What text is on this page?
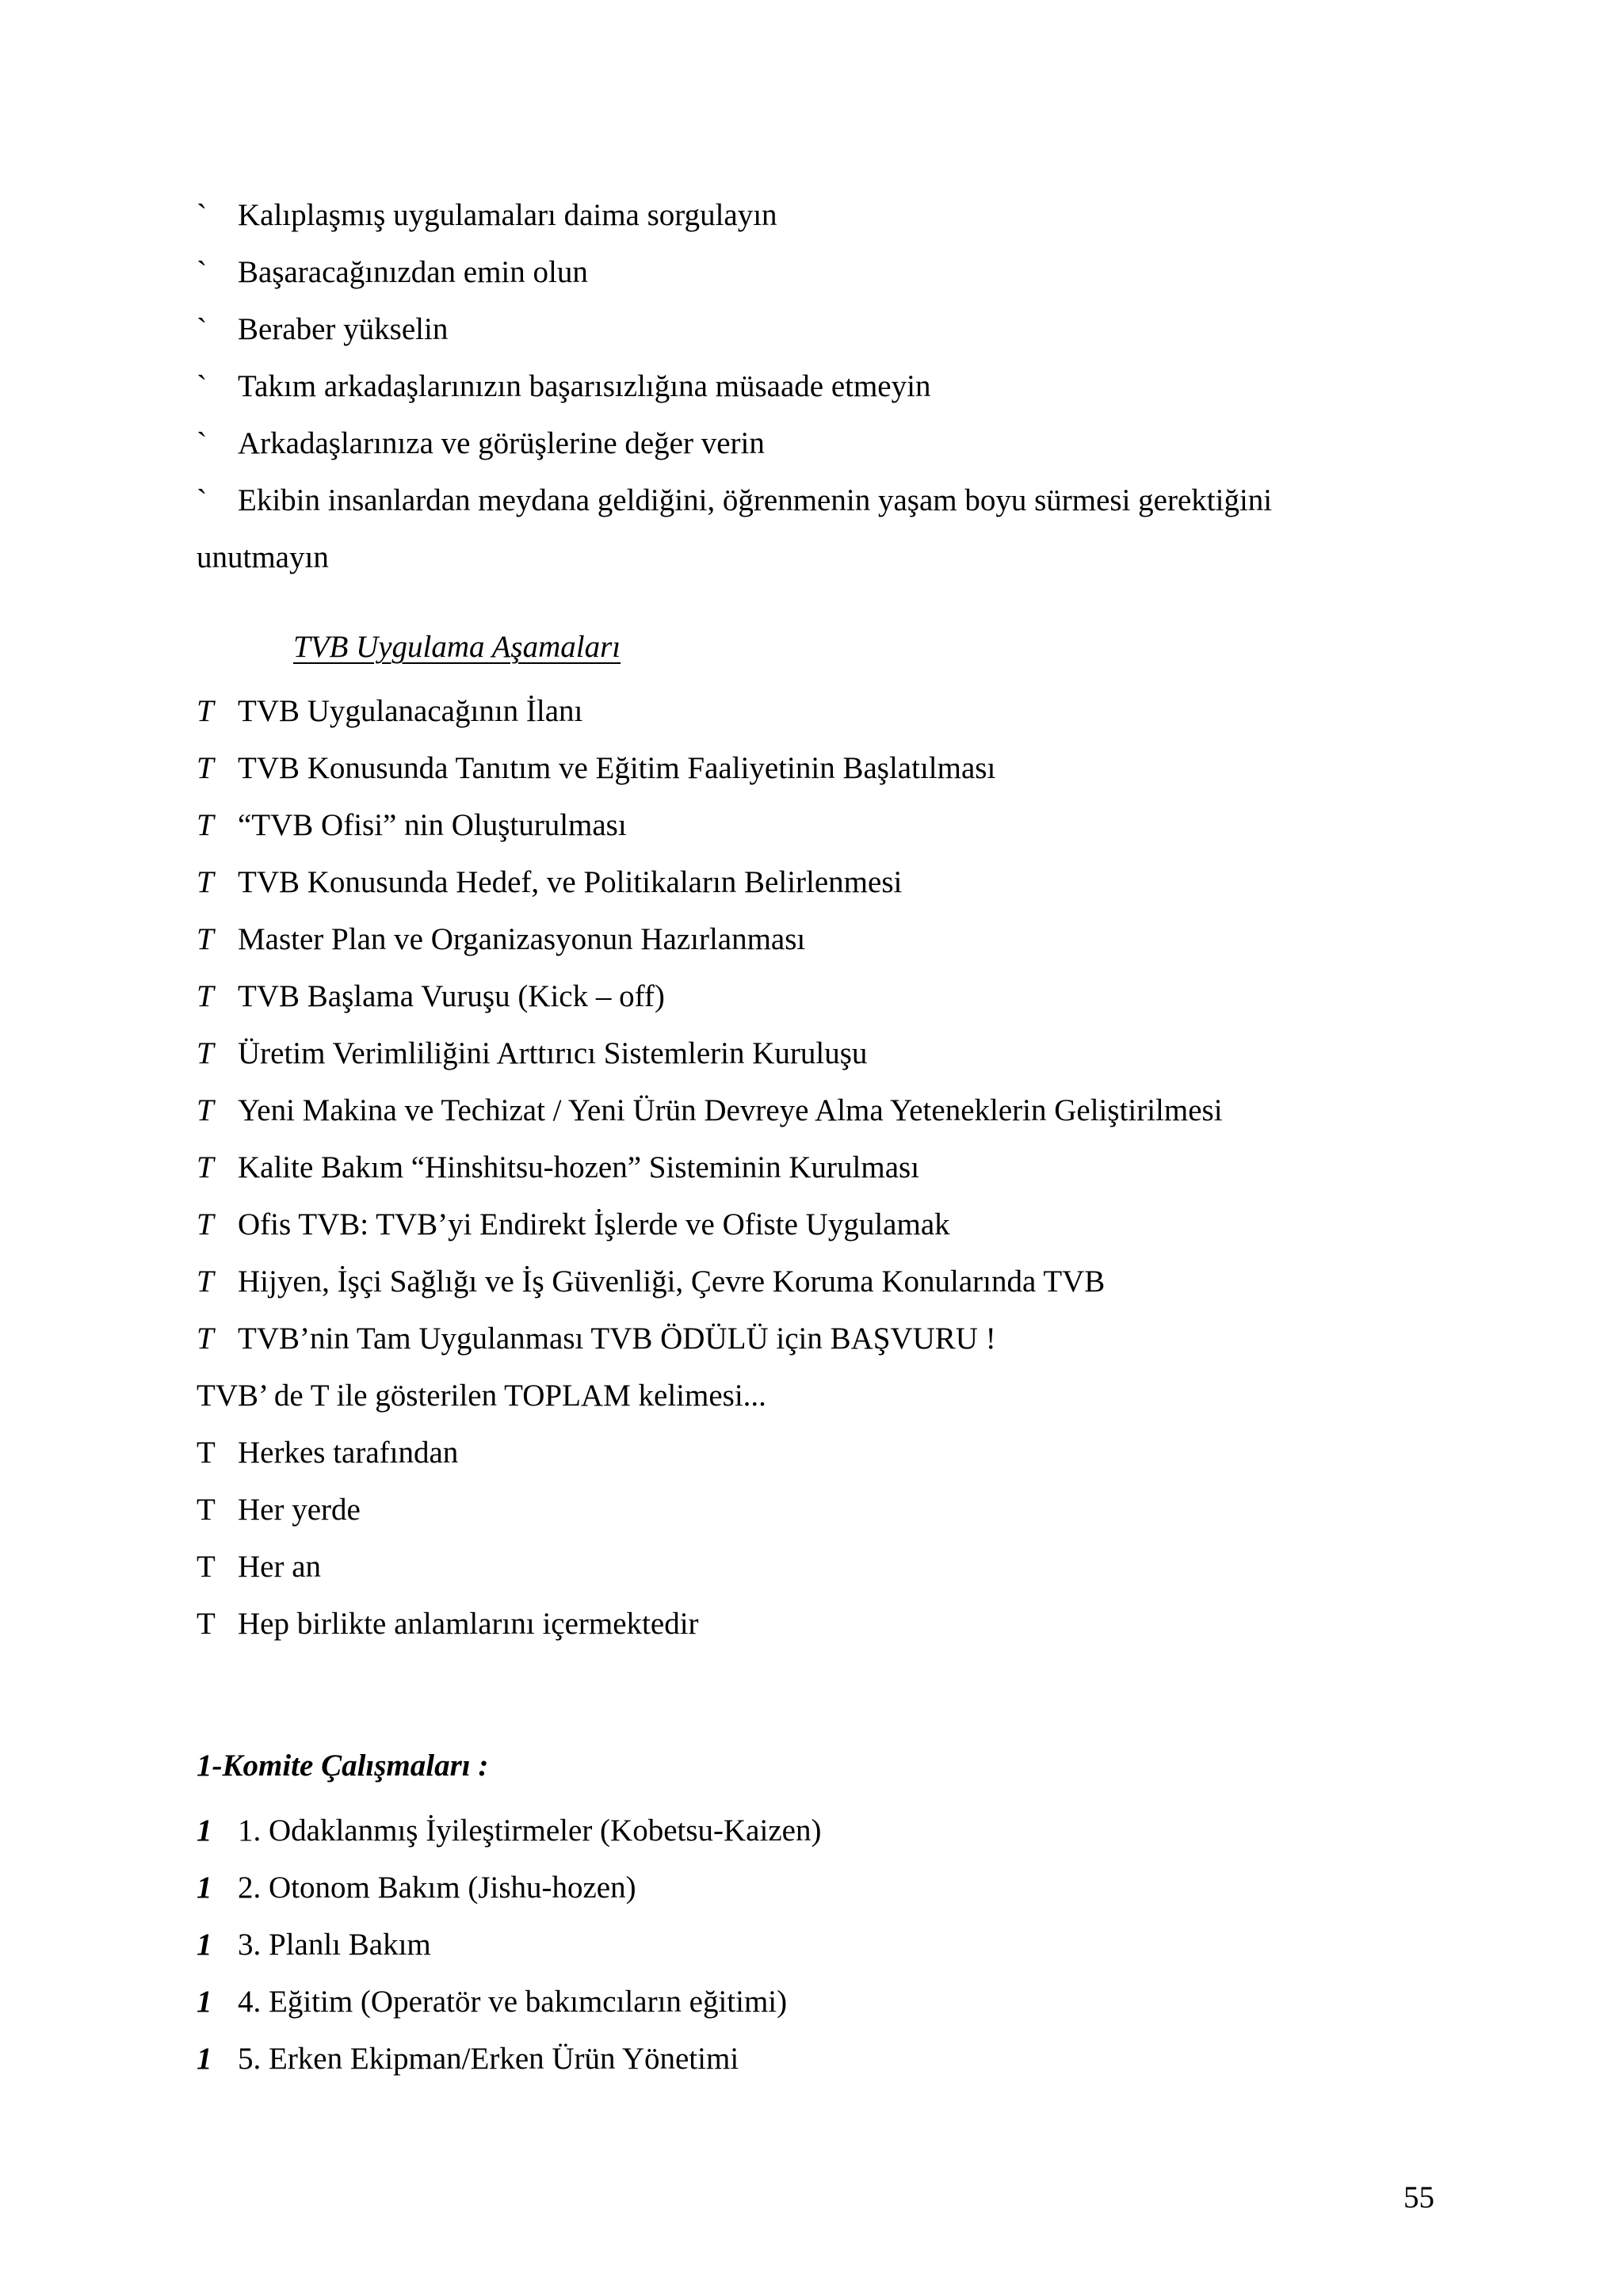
` Kalıplaşmış uygulamaları daima sorgulayın
` Başaracağınızdan emin olun
` Beraber yükselin
` Takım arkadaşlarınızın başarısızlığına müsaade etmeyin
` Arkadaşlarınıza ve görüşlerine değer verin
` Ekibin insanlardan meydana geldiğini, öğrenmenin yaşam boyu sürmesi gerektiğini
unutmayın
TVB Uygulama Aşamaları
T TVB Uygulanacağının İlanı
T TVB Konusunda Tanıtım ve Eğitim Faaliyetinin Başlatılması
T “TVB Ofisi” nin Oluşturulması
T TVB Konusunda Hedef, ve Politikaların Belirlenmesi
T Master Plan ve Organizasyonun Hazırlanması
T TVB Başlama Vuruşu (Kick – off)
T Üretim Verimliliğini Arttırıcı Sistemlerin Kuruluşu
T Yeni Makina ve Techizat / Yeni Ürün Devreye Alma Yeteneklerin Geliştirilmesi
T Kalite Bakım “Hinshitsu-hozen” Sisteminin Kurulması
T Ofis TVB: TVB’yi Endirekt İşlerde ve Ofiste Uygulamak
T Hijyen, İşçi Sağlığı ve İş Güvenliği, Çevre Koruma Konularında TVB
T TVB’nin Tam Uygulanması TVB ÖDÜLÜ için BAŞVURU !
TVB’ de T ile gösterilen TOPLAM kelimesi...
T Herkes tarafından
T Her yerde
T Her an
T Hep birlikte anlamlarını içermektedir
1-Komite Çalışmaları :
1 1. Odaklanmış İyileştirmeler (Kobetsu-Kaizen)
1 2. Otonom Bakım (Jishu-hozen)
1 3. Planlı Bakım
1 4. Eğitim (Operatör ve bakımcıların eğitimi)
1 5. Erken Ekipman/Erken Ürün Yönetimi
55
